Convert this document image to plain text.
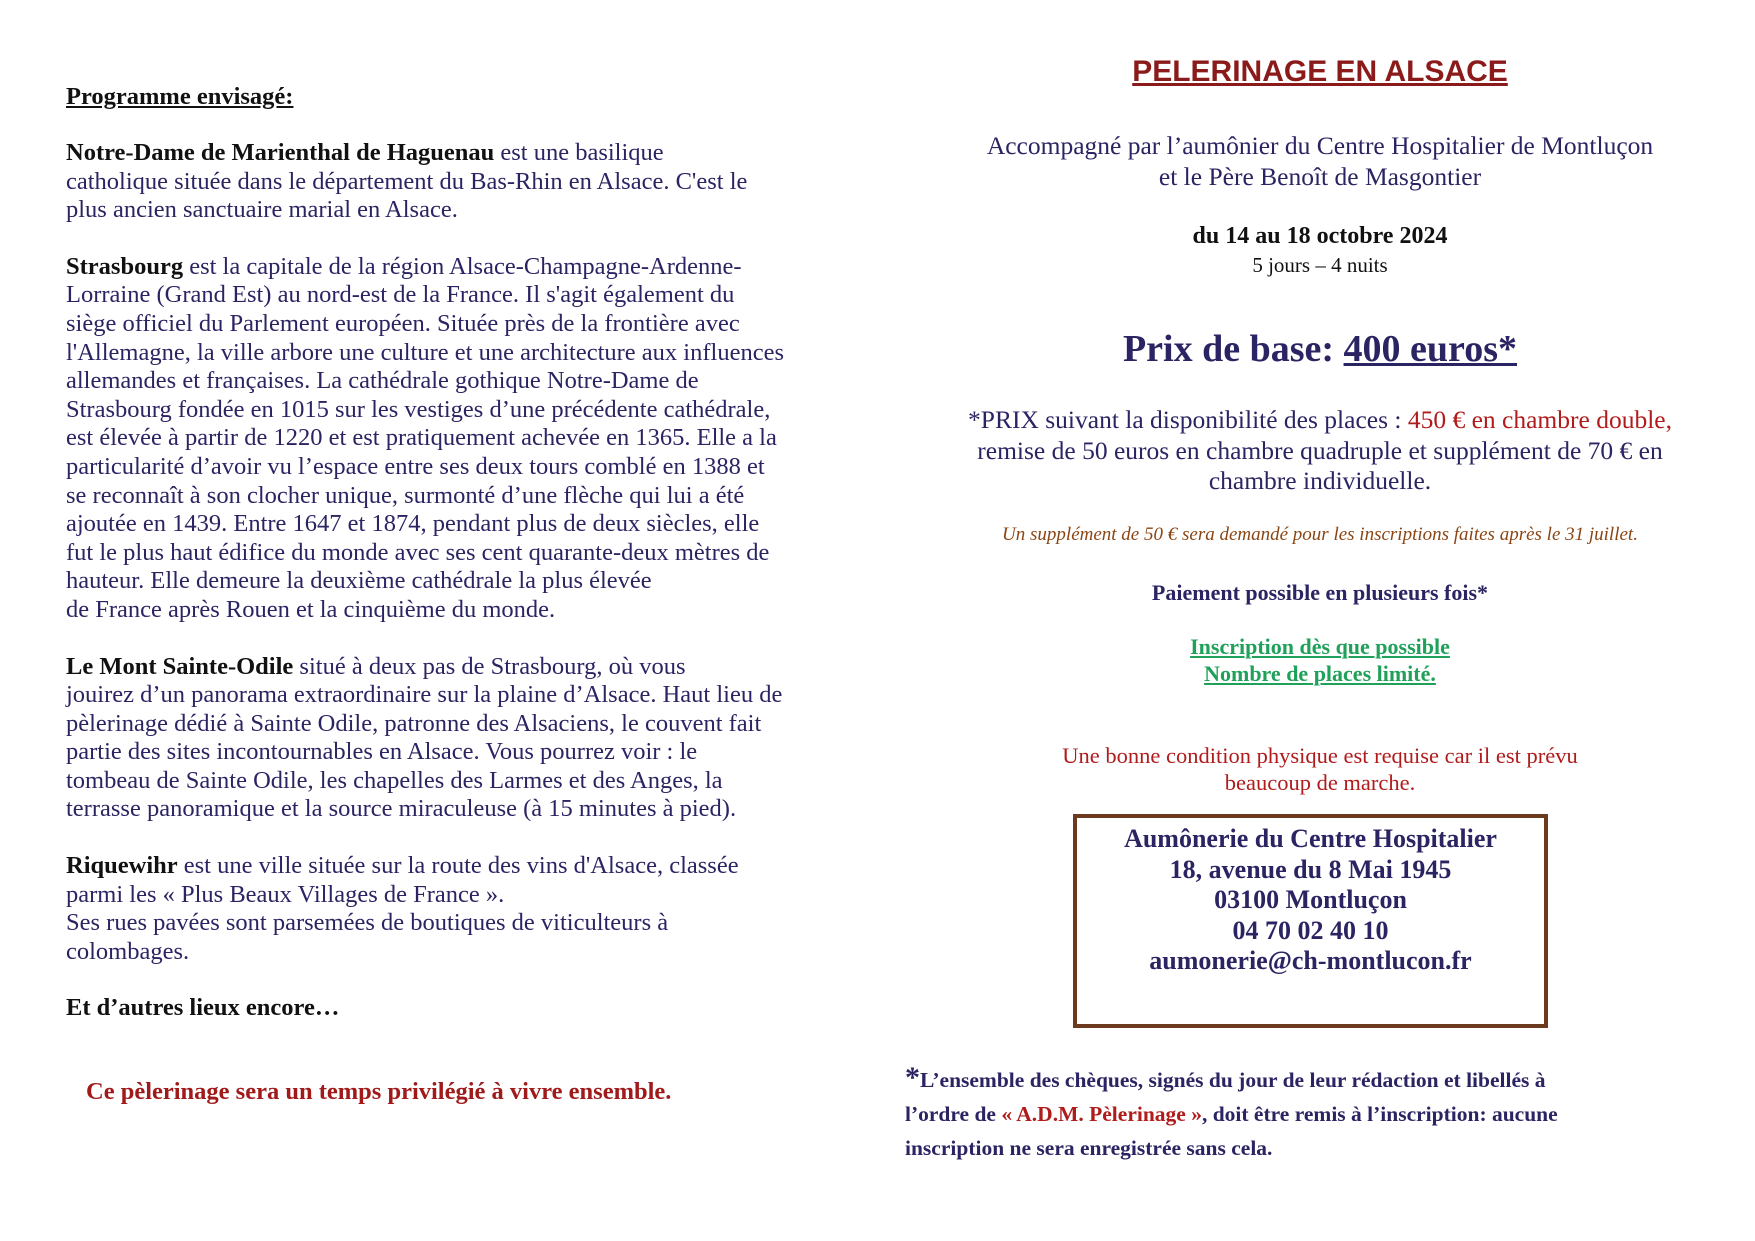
Programme envisagé:

Notre-Dame de Marienthal de Haguenau est une basilique

catholique située dans le département du Bas-Rhin en Alsace. C'est le

plus ancien sanctuaire marial en Alsace.

Strasbourg est la capitale de la région Alsace-Champagne-Ardenne-

Lorraine (Grand Est) au nord-est de la France. Il s'agit également du

siège officiel du Parlement européen. Située près de la frontière avec

l'Allemagne, la ville arbore une culture et une architecture aux influences

allemandes et françaises. La cathédrale gothique Notre-Dame de

Strasbourg fondée en 1015 sur les vestiges d’une précédente cathédrale,

est élevée à partir de 1220 et est pratiquement achevée en 1365. Elle a la

particularité d’avoir vu l’espace entre ses deux tours comblé en 1388 et

se reconnaît à son clocher unique, surmonté d’une flèche qui lui a été

ajoutée en 1439. Entre 1647 et 1874, pendant plus de deux siècles, elle

fut le plus haut édifice du monde avec ses cent quarante-deux mètres de

hauteur. Elle demeure la deuxième cathédrale la plus élevée

de France après Rouen et la cinquième du monde.

Le Mont Sainte-Odile situé à deux pas de Strasbourg, où vous

jouirez d’un panorama extraordinaire sur la plaine d’Alsace. Haut lieu de

pèlerinage dédié à Sainte Odile, patronne des Alsaciens, le couvent fait

partie des sites incontournables en Alsace. Vous pourrez voir : le

tombeau de Sainte Odile, les chapelles des Larmes et des Anges, la

terrasse panoramique et la source miraculeuse (à 15 minutes à pied).

Riquewihr est une ville située sur la route des vins d'Alsace, classée

parmi les « Plus Beaux Villages de France ».

Ses rues pavées sont parsemées de boutiques de viticulteurs à

colombages.

Et d’autres lieux encore…
Ce pèlerinage sera un temps privilégié à vivre ensemble.
PELERINAGE EN ALSACE
Accompagné par l’aumônier du Centre Hospitalier de Montluçon
et le Père Benoît de Masgontier
du 14 au 18 octobre 2024
5 jours – 4 nuits
Prix de base: 400 euros*
*PRIX suivant la disponibilité des places : 450 € en chambre double,
remise de 50 euros en chambre quadruple et supplément de 70 € en
chambre individuelle.
Un supplément de 50 € sera demandé pour les inscriptions faites après le 31 juillet.
Paiement possible en plusieurs fois*
Inscription dès que possible
Nombre de places limité.
Une bonne condition physique est requise car il est prévu
beaucoup de marche.
Aumônerie du Centre Hospitalier
18, avenue du 8 Mai 1945
03100 Montluçon
04 70 02 40 10
aumonerie@ch-montlucon.fr
*L’ensemble des chèques, signés du jour de leur rédaction et libellés à
l’ordre de « A.D.M. Pèlerinage », doit être remis à l’inscription: aucune
inscription ne sera enregistrée sans cela.
